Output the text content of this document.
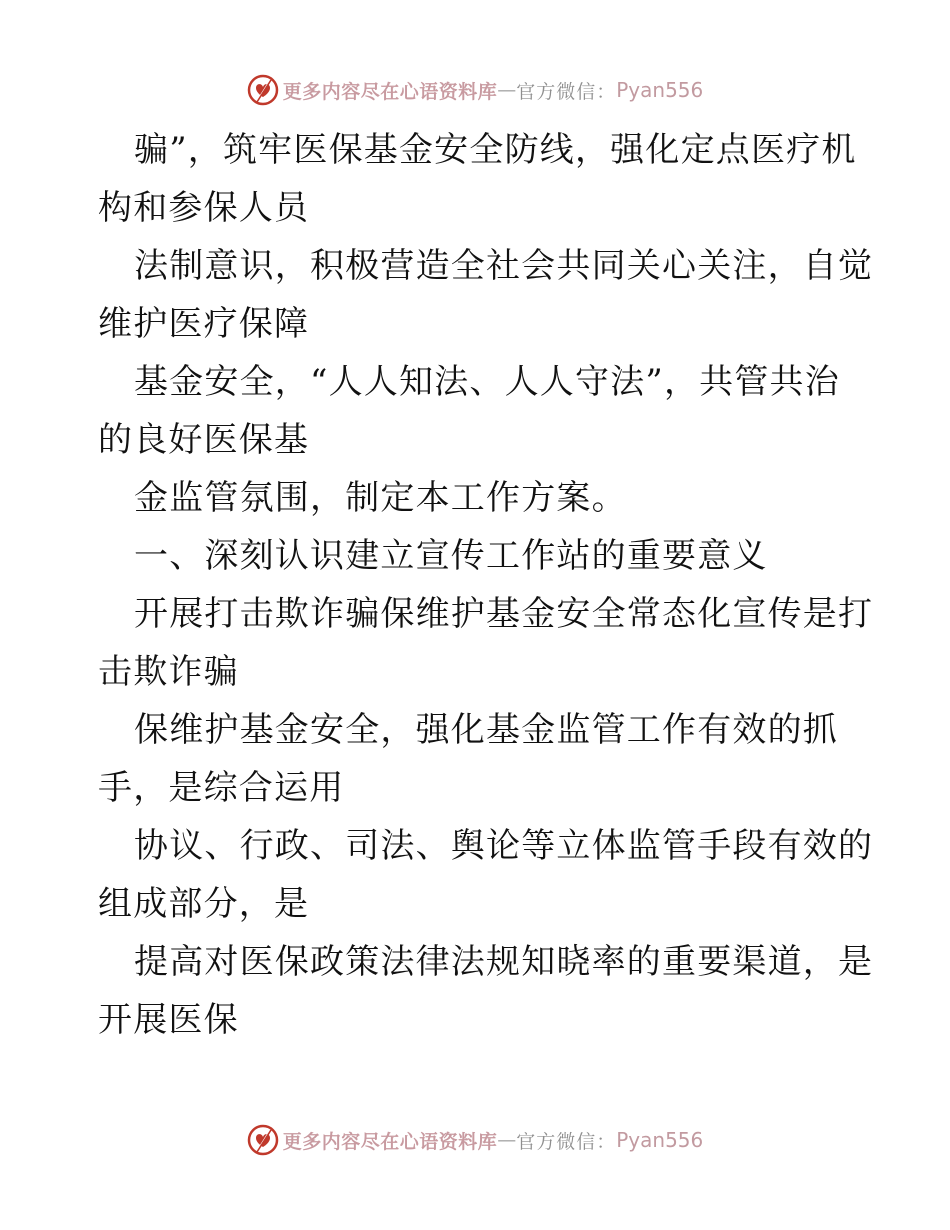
更多内容尽在心语资料库 — 官方微信： Pyan556
骗”，筑牢医保基金安全防线，强化定点医疗机
构和参保人员
法制意识，积极营造全社会共同关心关注，自觉
维护医疗保障
基金安全，“人人知法、人人守法”，共管共治
的良好医保基
金监管氛围，制定本工作方案。
一、深刻认识建立宣传工作站的重要意义
开展打击欺诈骗保维护基金安全常态化宣传是打
击欺诈骗
保维护基金安全，强化基金监管工作有效的抓
手，是综合运用
协议、行政、司法、舆论等立体监管手段有效的
组成部分，是
提高对医保政策法律法规知晓率的重要渠道，是
开展医保
更多内容尽在心语资料库 — 官方微信： Pyan556
